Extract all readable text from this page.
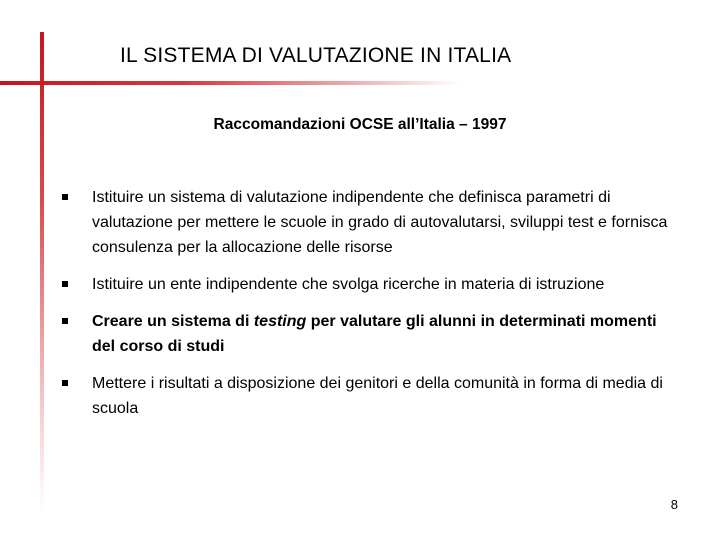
IL SISTEMA DI VALUTAZIONE IN ITALIA
Raccomandazioni OCSE all’Italia – 1997
Istituire un sistema di valutazione indipendente che definisca parametri di valutazione per mettere le scuole in grado di autovalutarsi, sviluppi test e fornisca consulenza per la allocazione delle risorse
Istituire un ente indipendente che svolga ricerche in materia di istruzione
Creare un sistema di testing per valutare gli alunni in determinati momenti del corso di studi
Mettere i risultati a disposizione dei genitori e della comunità in forma di media di scuola
8
